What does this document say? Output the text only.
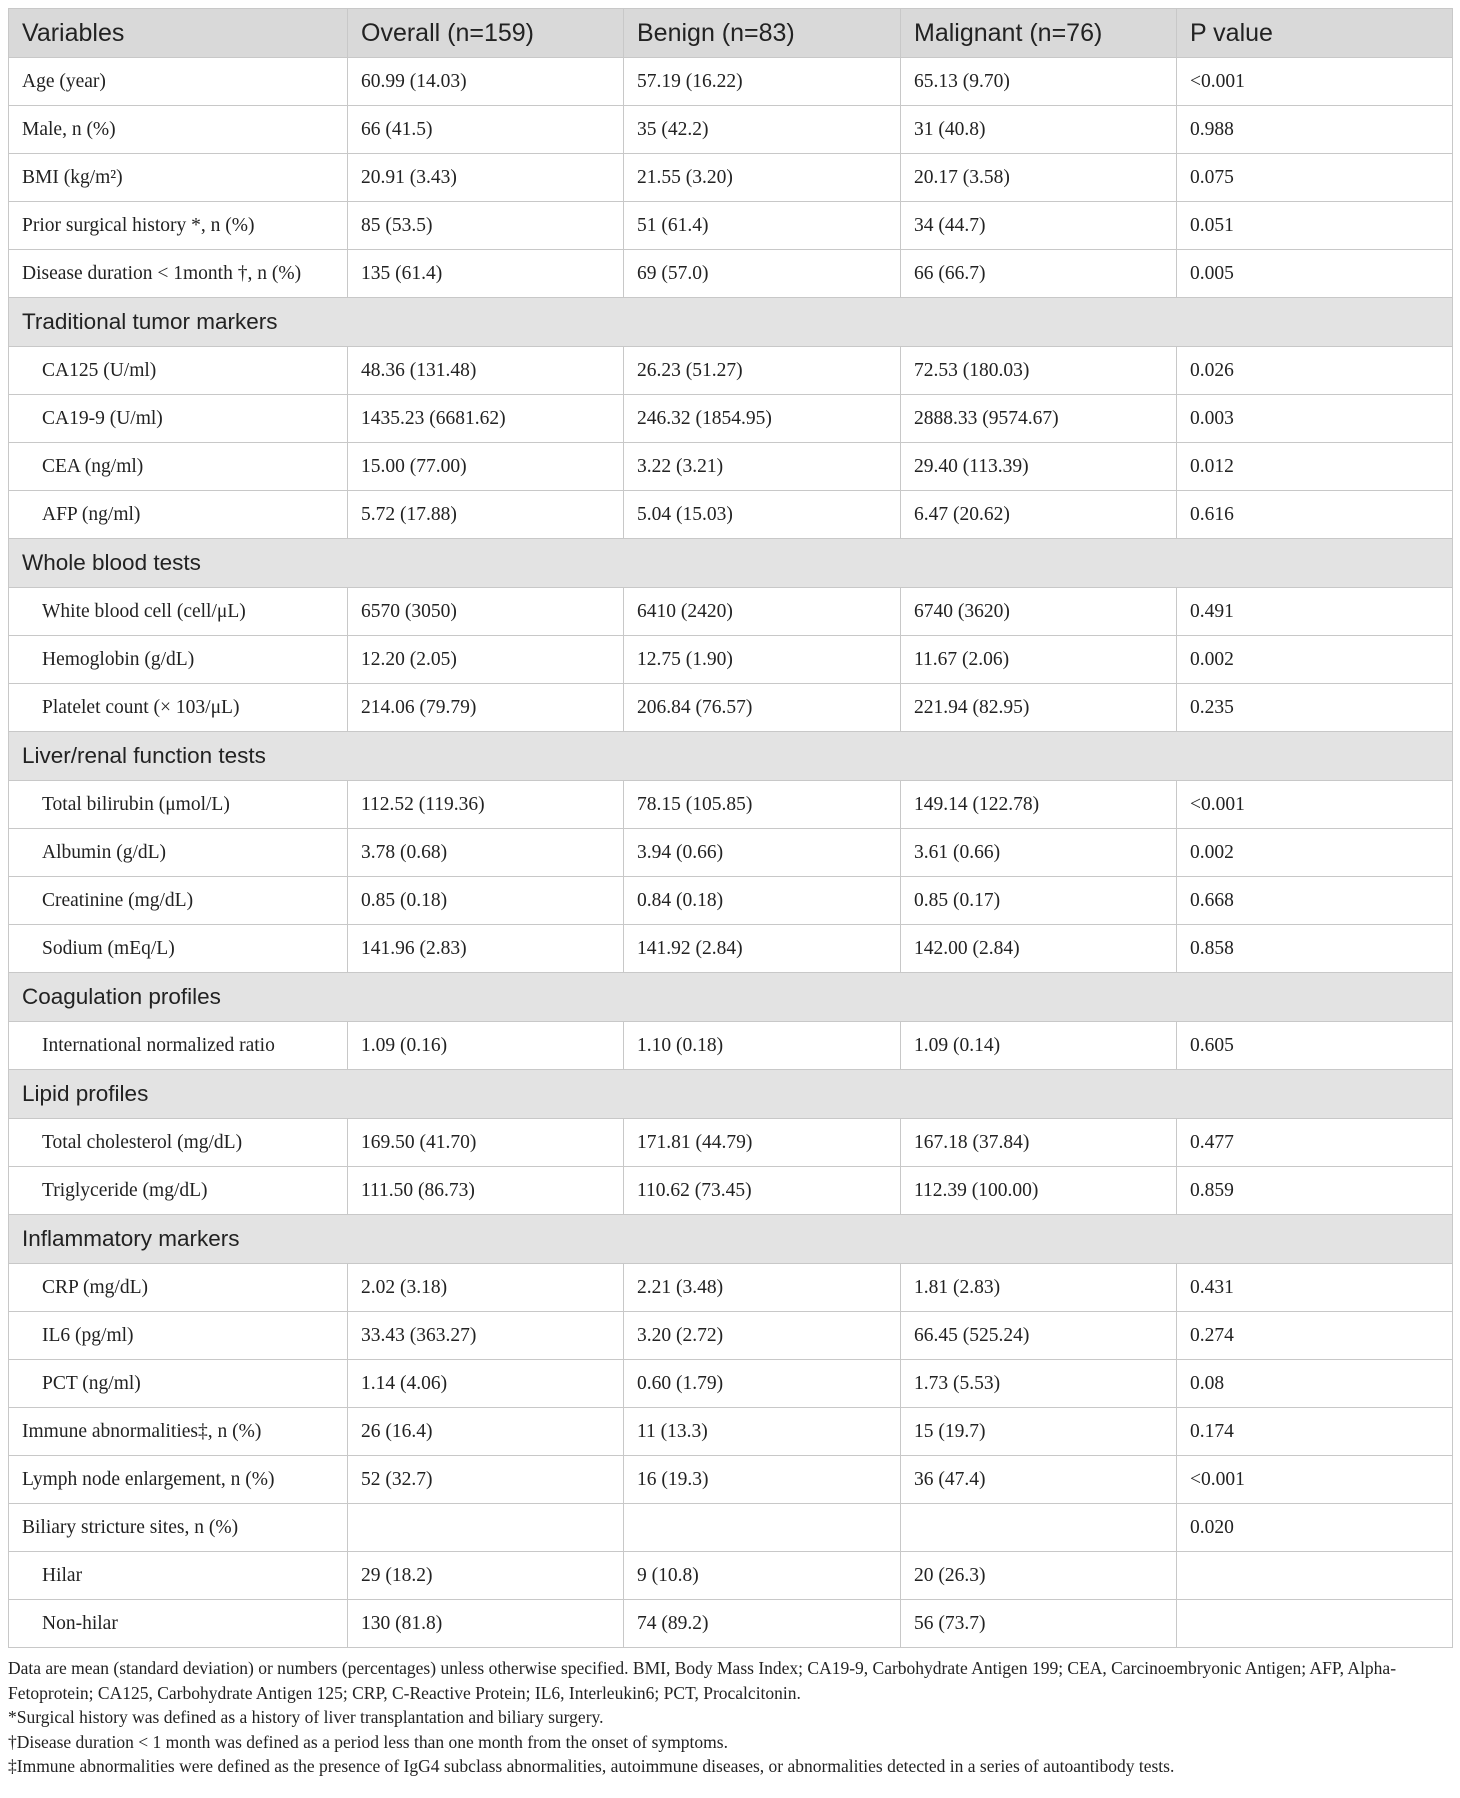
Variables	Overall (n=159)	Benign (n=83)	Malignant (n=76)	P value
Age (year)	60.99 (14.03)	57.19 (16.22)	65.13 (9.70)	<0.001
Male, n (%)	66 (41.5)	35 (42.2)	31 (40.8)	0.988
BMI (kg/m²)	20.91 (3.43)	21.55 (3.20)	20.17 (3.58)	0.075
Prior surgical history *, n (%)	85 (53.5)	51 (61.4)	34 (44.7)	0.051
Disease duration < 1month †, n (%)	135 (61.4)	69 (57.0)	66 (66.7)	0.005
Traditional tumor markers				
CA125 (U/ml)	48.36 (131.48)	26.23 (51.27)	72.53 (180.03)	0.026
CA19-9 (U/ml)	1435.23 (6681.62)	246.32 (1854.95)	2888.33 (9574.67)	0.003
CEA (ng/ml)	15.00 (77.00)	3.22 (3.21)	29.40 (113.39)	0.012
AFP (ng/ml)	5.72 (17.88)	5.04 (15.03)	6.47 (20.62)	0.616
Whole blood tests				
White blood cell (cell/μL)	6570 (3050)	6410 (2420)	6740 (3620)	0.491
Hemoglobin (g/dL)	12.20 (2.05)	12.75 (1.90)	11.67 (2.06)	0.002
Platelet count (× 103/μL)	214.06 (79.79)	206.84 (76.57)	221.94 (82.95)	0.235
Liver/renal function tests				
Total bilirubin (μmol/L)	112.52 (119.36)	78.15 (105.85)	149.14 (122.78)	<0.001
Albumin (g/dL)	3.78 (0.68)	3.94 (0.66)	3.61 (0.66)	0.002
Creatinine (mg/dL)	0.85 (0.18)	0.84 (0.18)	0.85 (0.17)	0.668
Sodium (mEq/L)	141.96 (2.83)	141.92 (2.84)	142.00 (2.84)	0.858
Coagulation profiles				
International normalized ratio	1.09 (0.16)	1.10 (0.18)	1.09 (0.14)	0.605
Lipid profiles				
Total cholesterol (mg/dL)	169.50 (41.70)	171.81 (44.79)	167.18 (37.84)	0.477
Triglyceride (mg/dL)	111.50 (86.73)	110.62 (73.45)	112.39 (100.00)	0.859
Inflammatory markers				
CRP (mg/dL)	2.02 (3.18)	2.21 (3.48)	1.81 (2.83)	0.431
IL6 (pg/ml)	33.43 (363.27)	3.20 (2.72)	66.45 (525.24)	0.274
PCT (ng/ml)	1.14 (4.06)	0.60 (1.79)	1.73 (5.53)	0.08
Immune abnormalities‡, n (%)	26 (16.4)	11 (13.3)	15 (19.7)	0.174
Lymph node enlargement, n (%)	52 (32.7)	16 (19.3)	36 (47.4)	<0.001
Biliary stricture sites, n (%)				0.020
Hilar	29 (18.2)	9 (10.8)	20 (26.3)	
Non-hilar	130 (81.8)	74 (89.2)	56 (73.7)	
Data are mean (standard deviation) or numbers (percentages) unless otherwise specified. BMI, Body Mass Index; CA19-9, Carbohydrate Antigen 199; CEA, Carcinoembryonic Antigen; AFP, Alpha-Fetoprotein; CA125, Carbohydrate Antigen 125; CRP, C-Reactive Protein; IL6, Interleukin6; PCT, Procalcitonin.
*Surgical history was defined as a history of liver transplantation and biliary surgery.
†Disease duration < 1 month was defined as a period less than one month from the onset of symptoms.
‡Immune abnormalities were defined as the presence of IgG4 subclass abnormalities, autoimmune diseases, or abnormalities detected in a series of autoantibody tests.
